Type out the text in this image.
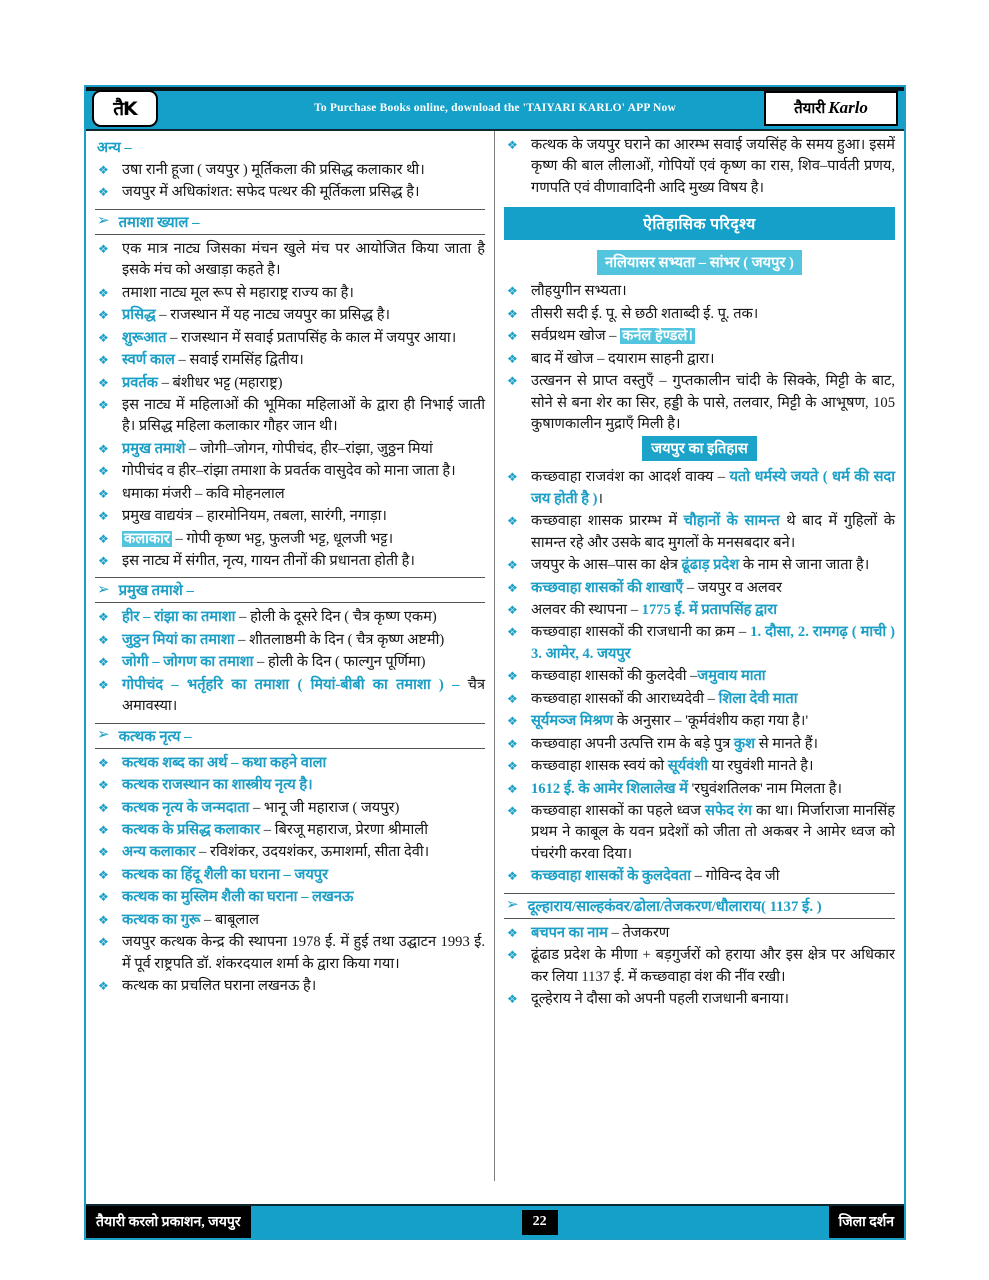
तैK	To Purchase Books online, download the 'TAIYARI KARLO' APP Now	तैयारी Karlo
अन्य –
❖ उषा रानी हूजा ( जयपुर ) मूर्तिकला की प्रसिद्ध कलाकार थी।
❖ जयपुर में अधिकांशत: सफेद पत्थर की मूर्तिकला प्रसिद्ध है।
➢ तमाशा ख्याल –
❖ एक मात्र नाट्य जिसका मंचन खुले मंच पर आयोजित किया जाता है इसके मंच को अखाड़ा कहते है।
❖ तमाशा नाट्य मूल रूप से महाराष्ट्र राज्य का है।
❖ प्रसिद्ध – राजस्थान में यह नाट्य जयपुर का प्रसिद्ध है।
❖ शुरूआत – राजस्थान में सवाई प्रतापसिंह के काल में जयपुर आया।
❖ स्वर्ण काल – सवाई रामसिंह द्वितीय।
❖ प्रवर्तक – बंशीधर भट्ट (महाराष्ट्र)
❖ इस नाट्य में महिलाओं की भूमिका महिलाओं के द्वारा ही निभाई जाती है। प्रसिद्ध महिला कलाकार गौहर जान थी।
❖ प्रमुख तमाशे – जोगी–जोगन, गोपीचंद, हीर–रांझा, जुठ्ठन मियां
❖ गोपीचंद व हीर–रांझा तमाशा के प्रवर्तक वासुदेव को माना जाता है।
❖ धमाका मंजरी – कवि मोहनलाल
❖ प्रमुख वाद्ययंत्र – हारमोनियम, तबला, सारंगी, नगाड़ा।
❖ कलाकार – गोपी कृष्ण भट्ट, फुलजी भट्ट, धूलजी भट्ट।
❖ इस नाट्य में संगीत, नृत्य, गायन तीनों की प्रधानता होती है।
➢ प्रमुख तमाशे –
❖ हीर – रांझा का तमाशा – होली के दूसरे दिन ( चैत्र कृष्ण एकम)
❖ जुठ्ठन मियां का तमाशा – शीतलाष्ठमी के दिन ( चैत्र कृष्ण अष्टमी)
❖ जोगी – जोगण का तमाशा – होली के दिन ( फाल्गुन पूर्णिमा)
❖ गोपीचंद – भर्तृहरि का तमाशा ( मियां-बीबी का तमाशा ) – चैत्र अमावस्या।
➢ कत्थक नृत्य –
❖ कत्थक शब्द का अर्थ – कथा कहने वाला
❖ कत्थक राजस्थान का शास्त्रीय नृत्य है।
❖ कत्थक नृत्य के जन्मदाता – भानू जी महाराज ( जयपुर)
❖ कत्थक के प्रसिद्ध कलाकार – बिरजू महाराज, प्रेरणा श्रीमाली
❖ अन्य कलाकार – रविशंकर, उदयशंकर, ऊमाशर्मा, सीता देवी।
❖ कत्थक का हिंदू शैली का घराना – जयपुर
❖ कत्थक का मुस्लिम शैली का घराना – लखनऊ
❖ कत्थक का गुरू – बाबूलाल
❖ जयपुर कत्थक केन्द्र की स्थापना 1978 ई. में हुई तथा उद्घाटन 1993 ई. में पूर्व राष्ट्रपति डॉ. शंकरदयाल शर्मा के द्वारा किया गया।
❖ कत्थक का प्रचलित घराना लखनऊ है।
❖ कत्थक के जयपुर घराने का आरम्भ सवाई जयसिंह के समय हुआ। इसमें कृष्ण की बाल लीलाओं, गोपियों एवं कृष्ण का रास, शिव–पार्वती प्रणय, गणपति एवं वीणावादिनी आदि मुख्य विषय है।
ऐतिहासिक परिदृश्य
नलियासर सभ्यता – सांभर ( जयपुर )
❖ लौहयुगीन सभ्यता।
❖ तीसरी सदी ई. पू. से छठी शताब्दी ई. पू. तक।
❖ सर्वप्रथम खोज – कर्नल हेण्डले।
❖ बाद में खोज – दयाराम साहनी द्वारा।
❖ उत्खनन से प्राप्त वस्तुएँ – गुप्तकालीन चांदी के सिक्के, मिट्टी के बाट, सोने से बना शेर का सिर, हड्डी के पासे, तलवार, मिट्टी के आभूषण, 105 कुषाणकालीन मुद्राएँ मिली है।
जयपुर का इतिहास
❖ कच्छवाहा राजवंश का आदर्श वाक्य – यतो धर्मस्ये जयते ( धर्म की सदा जय होती है )।
❖ कच्छवाहा शासक प्रारम्भ में चौहानों के सामन्त थे बाद में गुहिलों के सामन्त रहे और उसके बाद मुगलों के मनसबदार बने।
❖ जयपुर के आस–पास का क्षेत्र ढूंढाड़ प्रदेश के नाम से जाना जाता है।
❖ कच्छवाहा शासकों की शाखाएँ – जयपुर व अलवर
❖ अलवर की स्थापना – 1775 ई. में प्रतापसिंह द्वारा
❖ कच्छवाहा शासकों की राजधानी का क्रम – 1. दौसा, 2. रामगढ़ ( माची ) 3. आमेर, 4. जयपुर
❖ कच्छवाहा शासकों की कुलदेवी –जमुवाय माता
❖ कच्छवाहा शासकों की आराध्यदेवी – शिला देवी माता
❖ सूर्यमञ्ज मिश्रण के अनुसार – 'कूर्मवंशीय कहा गया है।'
❖ कच्छवाहा अपनी उत्पत्ति राम के बड़े पुत्र कुश से मानते हैं।
❖ कच्छवाहा शासक स्वयं को सूर्यवंशी या रघुवंशी मानते है।
❖ 1612 ई. के आमेर शिलालेख में 'रघुवंशतिलक' नाम मिलता है।
❖ कच्छवाहा शासकों का पहले ध्वज सफेद रंग का था। मिर्जाराजा मानसिंह प्रथम ने काबूल के यवन प्रदेशों को जीता तो अकबर ने आमेर ध्वज को पंचरंगी करवा दिया।
❖ कच्छवाहा शासकों के कुलदेवता – गोविन्द देव जी
➢ दूल्हाराय/साल्हकंवर/ढोला/तेजकरण/धौलाराय( 1137 ई. )
❖ बचपन का नाम – तेजकरण
❖ ढूंढाड प्रदेश के मीणा + बड़गुर्जरों को हराया और इस क्षेत्र पर अधिकार कर लिया 1137 ई. में कच्छवाहा वंश की नींव रखी।
❖ दूल्हेराय ने दौसा को अपनी पहली राजधानी बनाया।
तैयारी करलो प्रकाशन, जयपुर	22	जिला दर्शन
